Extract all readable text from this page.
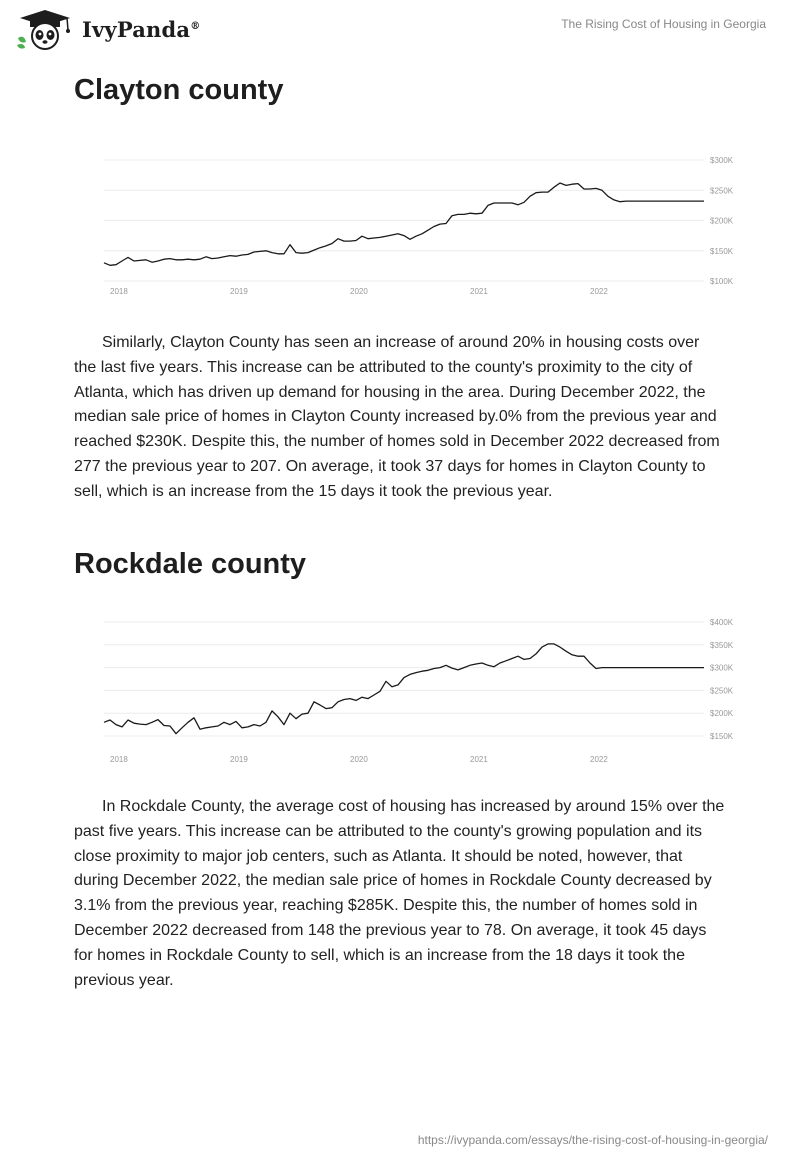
IvyPanda®	The Rising Cost of Housing in Georgia
Clayton county
$300K
$250K
$200K
$150K
$100K
2018	2019	2020	2021	2022

Similarly, Clayton County has seen an increase of around 20% in housing costs over the last five years. This increase can be attributed to the county's proximity to the city of Atlanta, which has driven up demand for housing in the area. During December 2022, the median sale price of homes in Clayton County increased by.0% from the previous year and reached $230K. Despite this, the number of homes sold in December 2022 decreased from 277 the previous year to 207. On average, it took 37 days for homes in Clayton County to sell, which is an increase from the 15 days it took the previous year.

Rockdale county
$400K
$350K
$300K
$250K
$200K
$150K
2018	2019	2020	2021	2022

In Rockdale County, the average cost of housing has increased by around 15% over the past five years. This increase can be attributed to the county's growing population and its close proximity to major job centers, such as Atlanta. It should be noted, however, that during December 2022, the median sale price of homes in Rockdale County decreased by 3.1% from the previous year, reaching $285K. Despite this, the number of homes sold in December 2022 decreased from 148 the previous year to 78. On average, it took 45 days for homes in Rockdale County to sell, which is an increase from the 18 days it took the previous year.

https://ivypanda.com/essays/the-rising-cost-of-housing-in-georgia/
